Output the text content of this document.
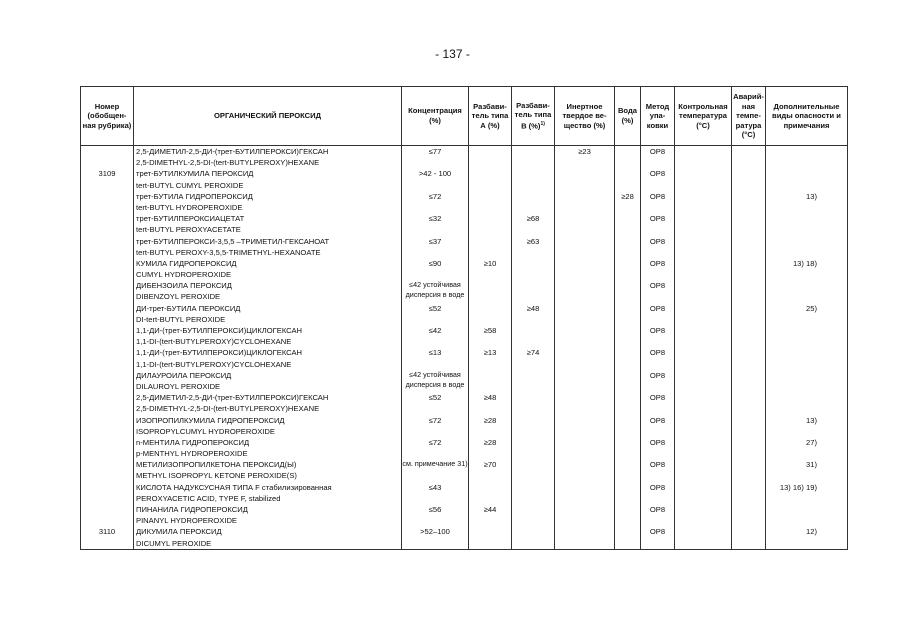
- 137 -
Номер (обобщен-ная рубрика)	ОРГАНИЧЕСКИЙ ПЕРОКСИД	Концентрация (%)	Разбави-тель типа А (%)	Разбави-тель типа В (%)$^{1)}$	Инертное твердое ве-щество (%)	Вода (%)	Метод упа-ковки	Контрольная температура (°С)	Аварий-ная темпе-ратура (°С)	Дополнительные виды опасности и примечания

	2,5-ДИМЕТИЛ-2,5-ДИ-(трет-БУТИЛПЕРОКСИ)ГЕКСАН
2,5-DIMETHYL-2,5-DI-(tert-BUTYLPEROXY)HEXANE	≤77			≥23		OP8			

3109	трет-БУТИЛКУМИЛА ПЕРОКСИД
tert-BUTYL CUMYL PEROXIDE	>42 - 100					OP8			

	трет-БУТИЛА ГИДРОПЕРОКСИД
tert-BUTYL HYDROPEROXIDE	≤72				≥28	OP8			13)

	трет-БУТИЛПЕРОКСИАЦЕТАТ
tert-BUTYL PEROXYACETATE	≤32		≥68			OP8			

	трет-БУТИЛПЕРОКСИ-3,5,5 –ТРИМЕТИЛ-ГЕКСАНОАТ
tert-BUTYL PEROXY-3,5,5-TRIMETHYL-HEXANOATE	≤37		≥63			OP8			

	КУМИЛА ГИДРОПЕРОКСИД
CUMYL HYDROPEROXIDE	≤90	≥10				OP8			13) 18)

	ДИБЕНЗОИЛА ПЕРОКСИД
DIBENZOYL PEROXIDE	≤42 устойчивая дисперсия в воде					OP8			

	ДИ-трет-БУТИЛА ПЕРОКСИД
DI-tert-BUTYL PEROXIDE	≤52		≥48			OP8			25)

	1,1-ДИ-(трет-БУТИЛПЕРОКСИ)ЦИКЛОГЕКСАН
1,1-DI-(tert-BUTYLPEROXY)CYCLOHEXANE	≤42	≥58				OP8			

	1,1-ДИ-(трет-БУТИЛПЕРОКСИ)ЦИКЛОГЕКСАН
1,1-DI-(tert-BUTYLPEROXY)CYCLOHEXANE	≤13	≥13	≥74			OP8			

	ДИЛАУРОИЛА ПЕРОКСИД
DILAUROYL PEROXIDE	≤42 устойчивая дисперсия в воде					OP8			

	2,5-ДИМЕТИЛ-2,5-ДИ-(трет-БУТИЛПЕРОКСИ)ГЕКСАН
2,5-DIMETHYL-2,5-DI-(tert-BUTYLPEROXY)HEXANE	≤52	≥48				OP8			

	ИЗОПРОПИЛКУМИЛА ГИДРОПЕРОКСИД
ISOPROPYLCUMYL HYDROPEROXIDE	≤72	≥28				OP8			13)

	n-МЕНТИЛА ГИДРОПЕРОКСИД
p-MENTHYL HYDROPEROXIDE	≤72	≥28				OP8			27)

	МЕТИЛИЗОПРОПИЛКЕТОНА ПЕРОКСИД(Ы)
METHYL ISOPROPYL KETONE PEROXIDE(S)	см. примечание 31)	≥70				OP8			31)

	КИСЛОТА НАДУКСУСНАЯ ТИПА F стабилизированная
PEROXYACETIC ACID, TYPE F, stabilized	≤43					OP8			13) 16) 19)

	ПИНАНИЛА ГИДРОПЕРОКСИД
PINANYL HYDROPEROXIDE	≤56	≥44				OP8			

3110	ДИКУМИЛА ПЕРОКСИД
DICUMYL PEROXIDE	>52–100					OP8			12)
